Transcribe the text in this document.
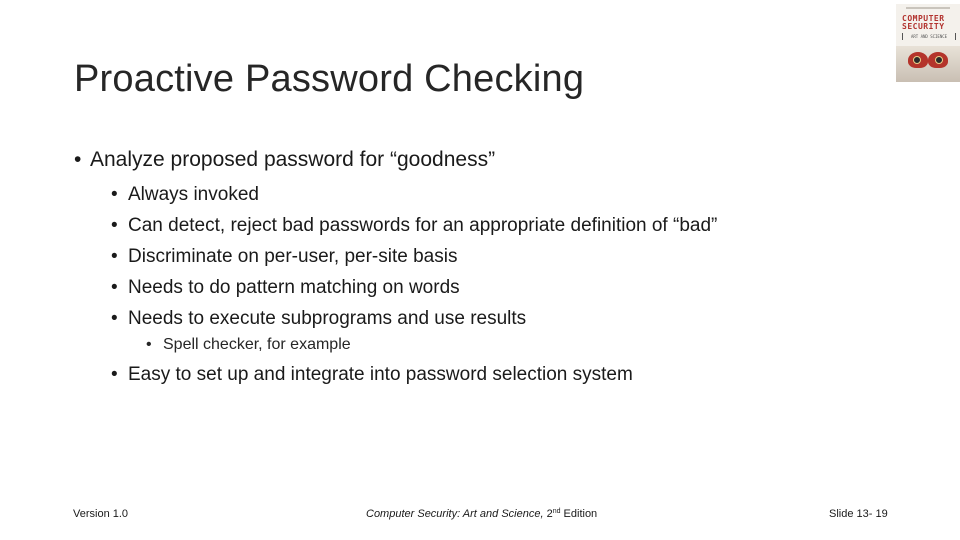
Proactive Password Checking
COMPUTER
SECURITY
ART AND SCIENCE
• Analyze proposed password for “goodness”
• Always invoked
• Can detect, reject bad passwords for an appropriate definition of “bad”
• Discriminate on per-user, per-site basis
• Needs to do pattern matching on words
• Needs to execute subprograms and use results
• Spell checker, for example
• Easy to set up and integrate into password selection system
Version 1.0	Computer Security: Art and Science, 2nd Edition	Slide 13- 19
